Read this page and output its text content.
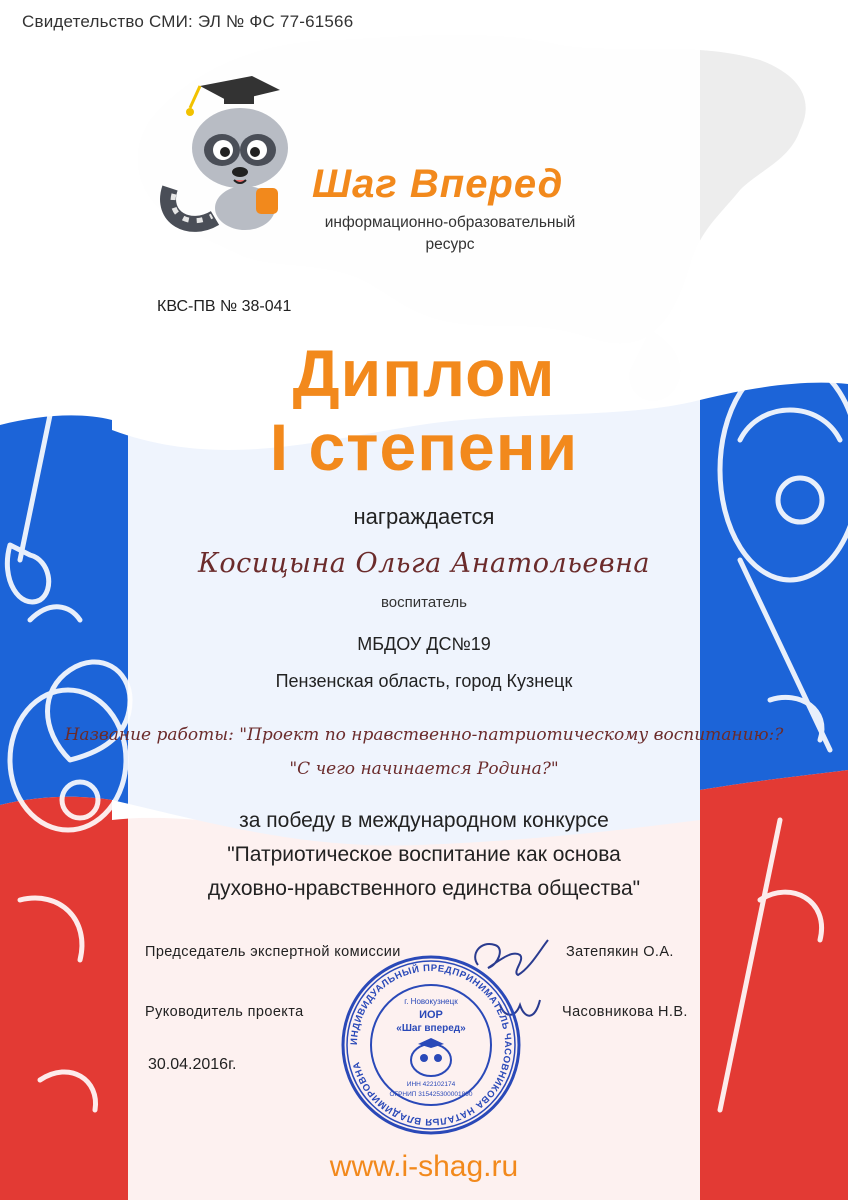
Свидетельство СМИ: ЭЛ № ФС 77-61566
Шаг Вперед
информационно-образовательный
ресурс
КВС-ПВ № 38-041
Диплом
I степени
награждается
Косицына Ольга Анатольевна
воспитатель
МБДОУ ДС№19
Пензенская область, город Кузнецк
Название работы: "Проект по нравственно-патриотическому воспитанию:?
"С чего начинается Родина?"
за победу в международном конкурсе
"Патриотическое воспитание как основа
духовно-нравственного единства общества"
Председатель экспертной комиссии	Затепякин О.А.
Руководитель проекта	Часовникова Н.В.
30.04.2016г.
ИНДИВИДУАЛЬНЫЙ ПРЕДПРИНИМАТЕЛЬ ЧАСОВНИКОВА НАТАЛЬЯ ВЛАДИМИРОВНА
г. Новокузнецк
ИОР
«Шаг вперед»
ОГРНИП 315425300001890
ИНН 422102174
www.i-shag.ru
